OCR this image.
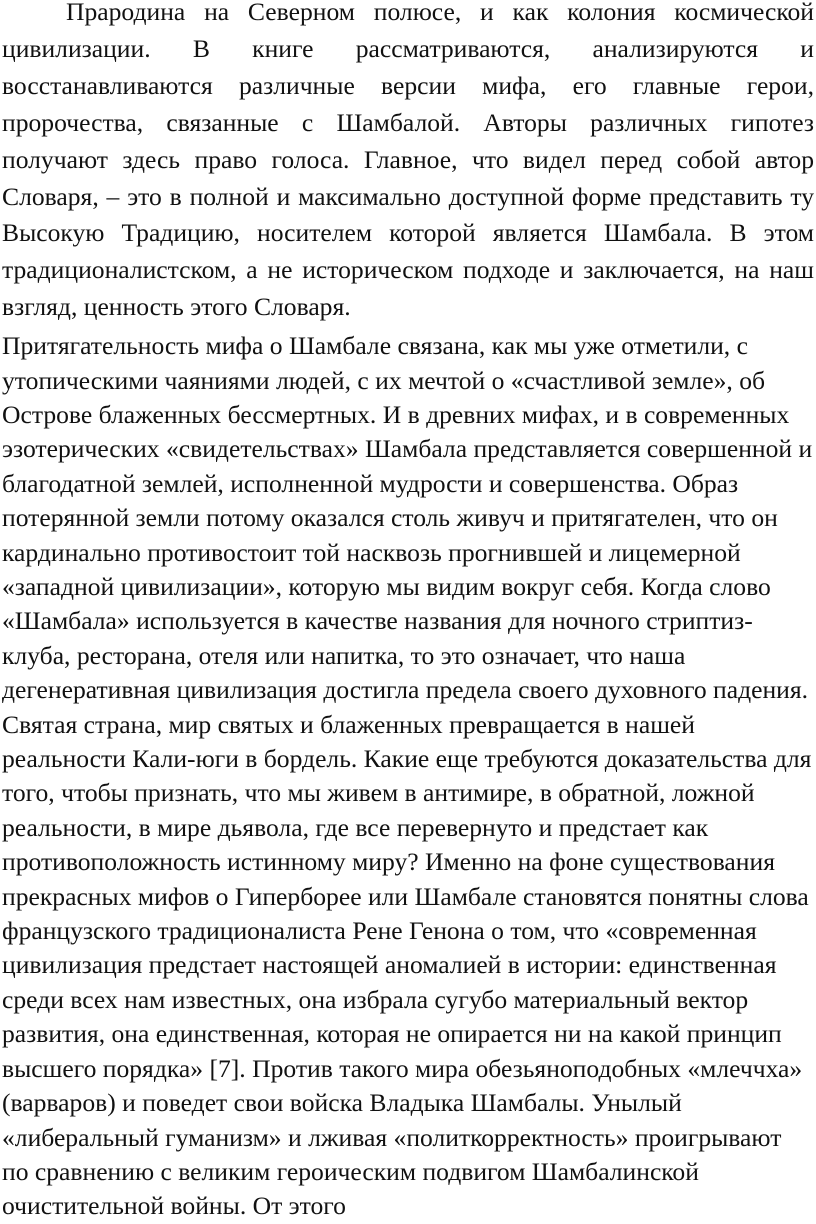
Прародина на Северном полюсе, и как колония космической цивилизации. В книге рассматриваются, анализируются и восстанавливаются различные версии мифа, его главные герои, пророчества, связанные с Шамбалой. Авторы различных гипотез получают здесь право голоса. Главное, что видел перед собой автор Словаря, – это в полной и максимально доступной форме представить ту Высокую Традицию, носителем которой является Шамбала. В этом традиционалистском, а не историческом подходе и заключается, на наш взгляд, ценность этого Словаря.

Притягательность мифа о Шамбале связана, как мы уже отметили, с утопическими чаяниями людей, с их мечтой о «счастливой земле», об Острове блаженных бессмертных. И в древних мифах, и в современных эзотерических «свидетельствах» Шамбала представляется совершенной и благодатной землей, исполненной мудрости и совершенства. Образ потерянной земли потому оказался столь живуч и притягателен, что он кардинально противостоит той насквозь прогнившей и лицемерной «западной цивилизации», которую мы видим вокруг себя. Когда слово «Шамбала» используется в качестве названия для ночного стриптиз-клуба, ресторана, отеля или напитка, то это означает, что наша дегенеративная цивилизация достигла предела своего духовного падения. Святая страна, мир святых и блаженных превращается в нашей реальности Кали-юги в бордель. Какие еще требуются доказательства для того, чтобы признать, что мы живем в антимире, в обратной, ложной реальности, в мире дьявола, где все перевернуто и предстает как противоположность истинному миру? Именно на фоне существования прекрасных мифов о Гиперборее или Шамбале становятся понятны слова французского традиционалиста Рене Генона о том, что «современная цивилизация предстает настоящей аномалией в истории: единственная среди всех нам известных, она избрала сугубо материальный вектор развития, она единственная, которая не опирается ни на какой принцип высшего порядка» [7]. Против такого мира обезьяноподобных «млеччха» (варваров) и поведет свои войска Владыка Шамбалы. Унылый «либеральный гуманизм» и лживая «политкорректность» проигрывают по сравнению с великим героическим подвигом Шамбалинской очистительной войны. От этого
